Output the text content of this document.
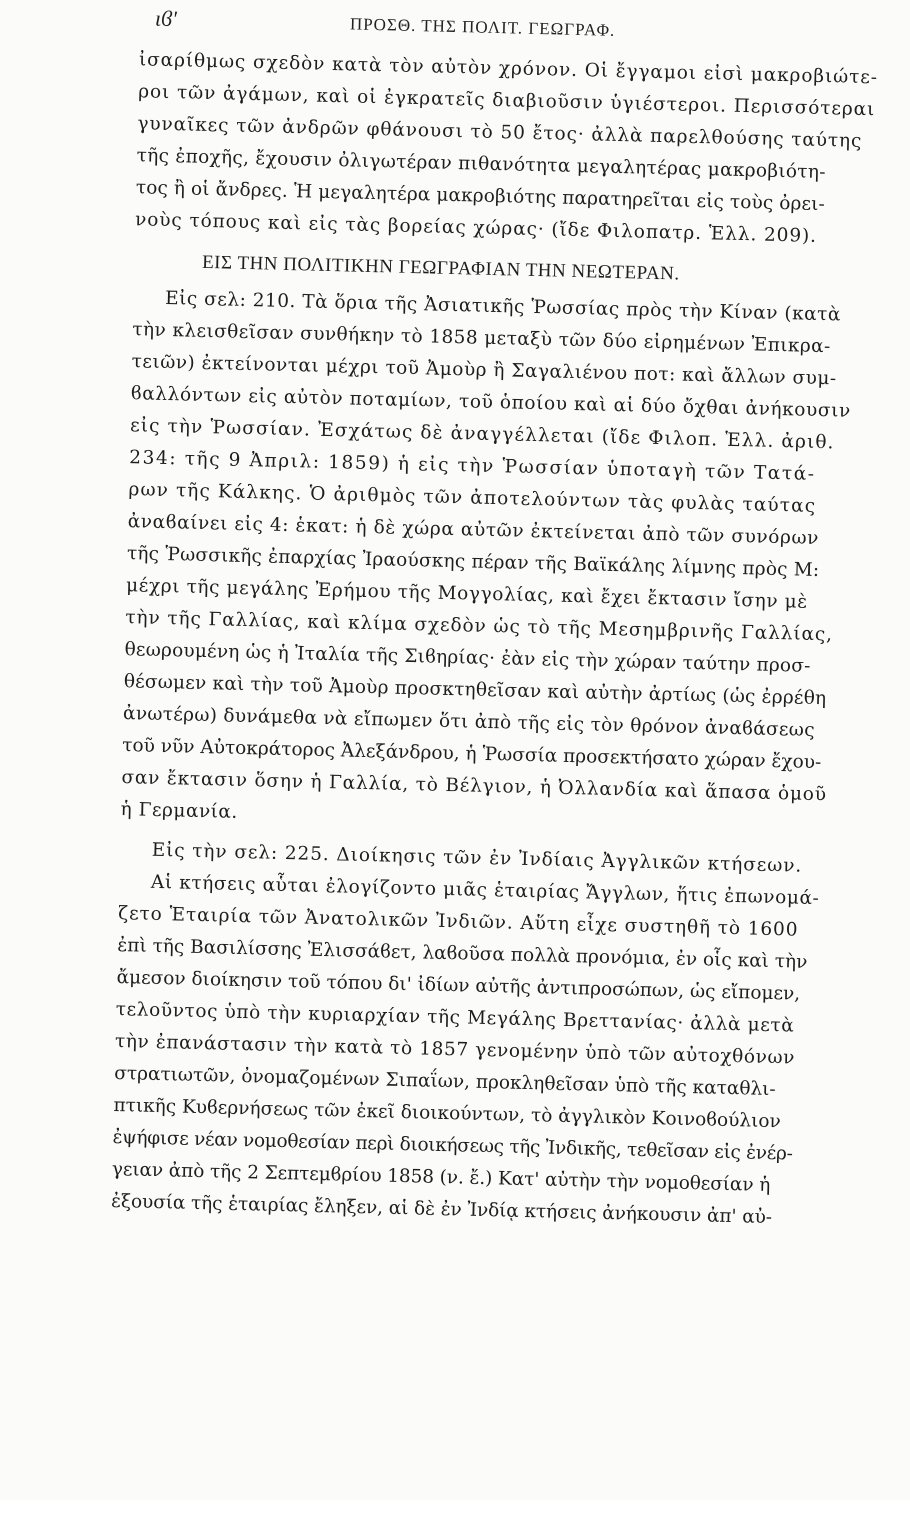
ιϐ'	ΠΡΟΣΘ. ΤΗΣ ΠΟΛΙΤ. ΓΕΩΓΡΑΦ.
ἰσαρίθμως σχεδὸν κατὰ τὸν αὐτὸν χρόνον. Οἱ ἔγγαμοι εἰσὶ μακροβιώτε-
ροι τῶν ἀγάμων, καὶ οἱ ἐγκρατεῖς διαβιοῦσιν ὑγιέστεροι. Περισσότεραι
γυναῖκες τῶν ἀνδρῶν φθάνουσι τὸ 50 ἔτος· ἀλλὰ παρελθούσης ταύτης
τῆς ἐποχῆς, ἔχουσιν ὀλιγωτέραν πιθανότητα μεγαλητέρας μακροβιότη-
τος ἢ οἱ ἄνδρες. Ἡ μεγαλητέρα μακροβιότης παρατηρεῖται εἰς τοὺς ὀρει-
νοὺς τόπους καὶ εἰς τὰς βορείας χώρας· (ἴδε Φιλοπατρ. Ἑλλ. 209).
ΕΙΣ ΤΗΝ ΠΟΛΙΤΙΚΗΝ ΓΕΩΓΡΑΦΙΑΝ ΤΗΝ ΝΕΩΤΕΡΑΝ.
Εἰς σελ: 210. Τὰ ὅρια τῆς Ἀσιατικῆς Ῥωσσίας πρὸς τὴν Κίναν (κατὰ
τὴν κλεισθεῖσαν συνθήκην τὸ 1858 μεταξὺ τῶν δύο εἰρημένων Ἐπικρα-
τειῶν) ἐκτείνονται μέχρι τοῦ Ἀμοὺρ ἢ Σαγαλιένου ποτ: καὶ ἄλλων συμ-
ϐαλλόντων εἰς αὐτὸν ποταμίων, τοῦ ὁποίου καὶ αἱ δύο ὄχθαι ἀνήκουσιν
εἰς τὴν Ῥωσσίαν. Ἐσχάτως δὲ ἀναγγέλλεται (ἴδε Φιλοπ. Ἑλλ. ἀριθ.
234: τῆς 9 Ἀπριλ: 1859) ἡ εἰς τὴν Ῥωσσίαν ὑποταγὴ τῶν Τατά-
ρων τῆς Κάλκης. Ὁ ἀριθμὸς τῶν ἀποτελούντων τὰς φυλὰς ταύτας
ἀναϐαίνει εἰς 4: ἑκατ: ἡ δὲ χώρα αὐτῶν ἐκτείνεται ἀπὸ τῶν συνόρων
τῆς Ῥωσσικῆς ἐπαρχίας Ἰραούσκης πέραν τῆς Βαϊκάλης λίμνης πρὸς Μ:
μέχρι τῆς μεγάλης Ἐρήμου τῆς Μογγολίας, καὶ ἔχει ἔκτασιν ἴσην μὲ
τὴν τῆς Γαλλίας, καὶ κλίμα σχεδὸν ὡς τὸ τῆς Μεσημβρινῆς Γαλλίας,
θεωρουμένη ὡς ἡ Ἰταλία τῆς Σιϐηρίας· ἐὰν εἰς τὴν χώραν ταύτην προσ-
θέσωμεν καὶ τὴν τοῦ Ἀμοὺρ προσκτηθεῖσαν καὶ αὐτὴν ἀρτίως (ὡς ἐρρέθη
ἀνωτέρω) δυνάμεθα νὰ εἴπωμεν ὅτι ἀπὸ τῆς εἰς τὸν θρόνον ἀναϐάσεως
τοῦ νῦν Αὐτοκράτορος Ἀλεξάνδρου, ἡ Ῥωσσία προσεκτήσατο χώραν ἔχου-
σαν ἔκτασιν ὅσην ἡ Γαλλία, τὸ Βέλγιον, ἡ Ὀλλανδία καὶ ἅπασα ὁμοῦ
ἡ Γερμανία.
Εἰς τὴν σελ: 225. Διοίκησις τῶν ἐν Ἰνδίαις Ἀγγλικῶν κτήσεων.
Αἱ κτήσεις αὗται ἐλογίζοντο μιᾶς ἑταιρίας Ἄγγλων, ἥτις ἐπωνομά-
ζετο Ἑταιρία τῶν Ἀνατολικῶν Ἰνδιῶν. Αὕτη εἶχε συστηθῆ τὸ 1600
ἐπὶ τῆς Βασιλίσσης Ἐλισσάϐετ, λαϐοῦσα πολλὰ προνόμια, ἐν οἷς καὶ τὴν
ἄμεσον διοίκησιν τοῦ τόπου δι' ἰδίων αὐτῆς ἀντιπροσώπων, ὡς εἴπομεν,
τελοῦντος ὑπὸ τὴν κυριαρχίαν τῆς Μεγάλης Βρεττανίας· ἀλλὰ μετὰ
τὴν ἐπανάστασιν τὴν κατὰ τὸ 1857 γενομένην ὑπὸ τῶν αὐτοχθόνων
στρατιωτῶν, ὀνομαζομένων Σιπαΐων, προκληθεῖσαν ὑπὸ τῆς καταθλι-
πτικῆς Κυϐερνήσεως τῶν ἐκεῖ διοικούντων, τὸ ἀγγλικὸν Κοινοϐούλιον
ἐψήφισε νέαν νομοθεσίαν περὶ διοικήσεως τῆς Ἰνδικῆς, τεθεῖσαν εἰς ἐνέρ-
γειαν ἀπὸ τῆς 2 Σεπτεμϐρίου 1858 (ν. ἔ.) Κατ' αὐτὴν τὴν νομοθεσίαν ἡ
ἐξουσία τῆς ἑταιρίας ἔληξεν, αἱ δὲ ἐν Ἰνδίᾳ κτήσεις ἀνήκουσιν ἀπ' αὐ-
